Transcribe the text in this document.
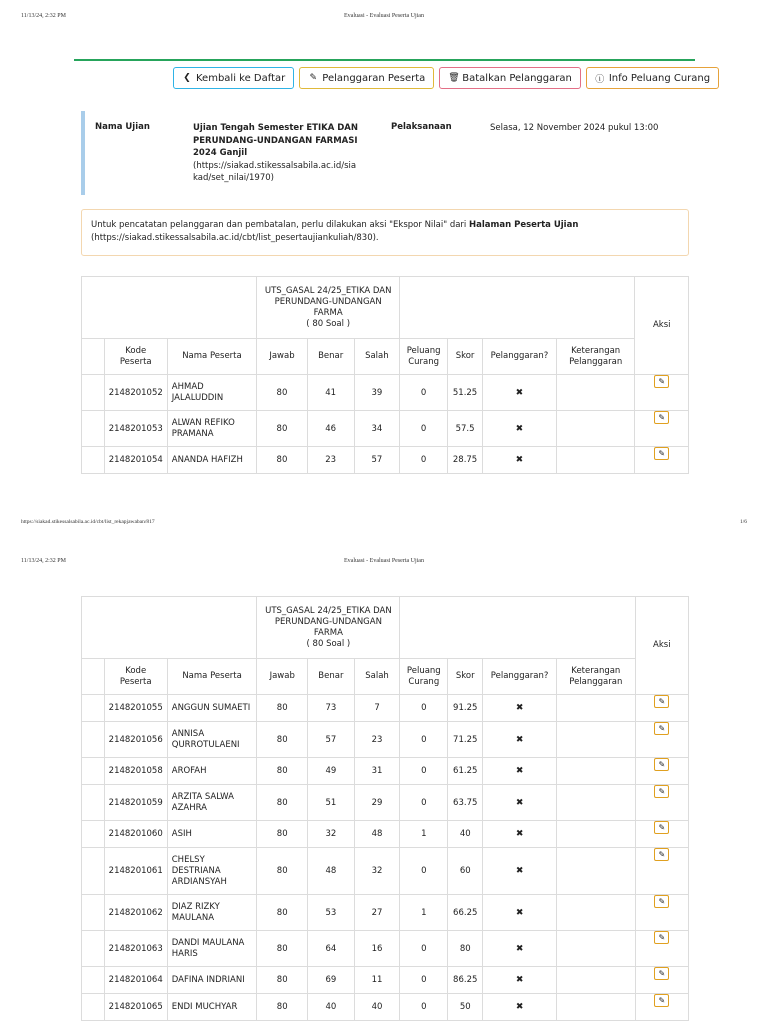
11/13/24, 2:32 PM	Evaluasi - Evaluasi Peserta Ujian
❮ Kembali ke Daftar	✎ Pelanggaran Peserta	🗑 Batalkan Pelanggaran	ⓘ Info Peluang Curang
Nama Ujian	Ujian Tengah Semester ETIKA DAN
PERUNDANG-UNDANGAN FARMASI
2024 Ganjil
(https://siakad.stikessalsabila.ac.id/sia
kad/set_nilai/1970)
Pelaksanaan	Selasa, 12 November 2024 pukul 13:00
Untuk pencatatan pelanggaran dan pembatalan, perlu dilakukan aksi "Ekspor Nilai" dari Halaman Peserta Ujian
(https://siakad.stikessalsabila.ac.id/cbt/list_pesertaujiankuliah/830).
			UTS_GASAL 24/25_ETIKA DAN
PERUNDANG-UNDANGAN
FARMA
( 80 Soal )							Aksi
	Kode
Peserta	Nama Peserta	Jawab	Benar	Salah	Peluang
Curang	Skor	Pelanggaran?	Keterangan
Pelanggaran	
	2148201052	AHMAD
JALALUDDIN	80	41	39	0	51.25	✖		✎
	2148201053	ALWAN REFIKO
PRAMANA	80	46	34	0	57.5	✖		✎
	2148201054	ANANDA HAFIZH	80	23	57	0	28.75	✖		✎
https://siakad.stikessalsabila.ac.id/cbt/list_rekapjawaban/817	1/6
11/13/24, 2:32 PM	Evaluasi - Evaluasi Peserta Ujian
			UTS_GASAL 24/25_ETIKA DAN
PERUNDANG-UNDANGAN
FARMA
( 80 Soal )							Aksi
	Kode
Peserta	Nama Peserta	Jawab	Benar	Salah	Peluang
Curang	Skor	Pelanggaran?	Keterangan
Pelanggaran	
	2148201055	ANGGUN SUMAETI	80	73	7	0	91.25	✖		✎
	2148201056	ANNISA
QURROTULAENI	80	57	23	0	71.25	✖		✎
	2148201058	AROFAH	80	49	31	0	61.25	✖		✎
	2148201059	ARZITA SALWA
AZAHRA	80	51	29	0	63.75	✖		✎
	2148201060	ASIH	80	32	48	1	40	✖		✎
	2148201061	CHELSY
DESTRIANA
ARDIANSYAH	80	48	32	0	60	✖		✎
	2148201062	DIAZ RIZKY
MAULANA	80	53	27	1	66.25	✖		✎
	2148201063	DANDI MAULANA
HARIS	80	64	16	0	80	✖		✎
	2148201064	DAFINA INDRIANI	80	69	11	0	86.25	✖		✎
	2148201065	ENDI MUCHYAR	80	40	40	0	50	✖		✎
